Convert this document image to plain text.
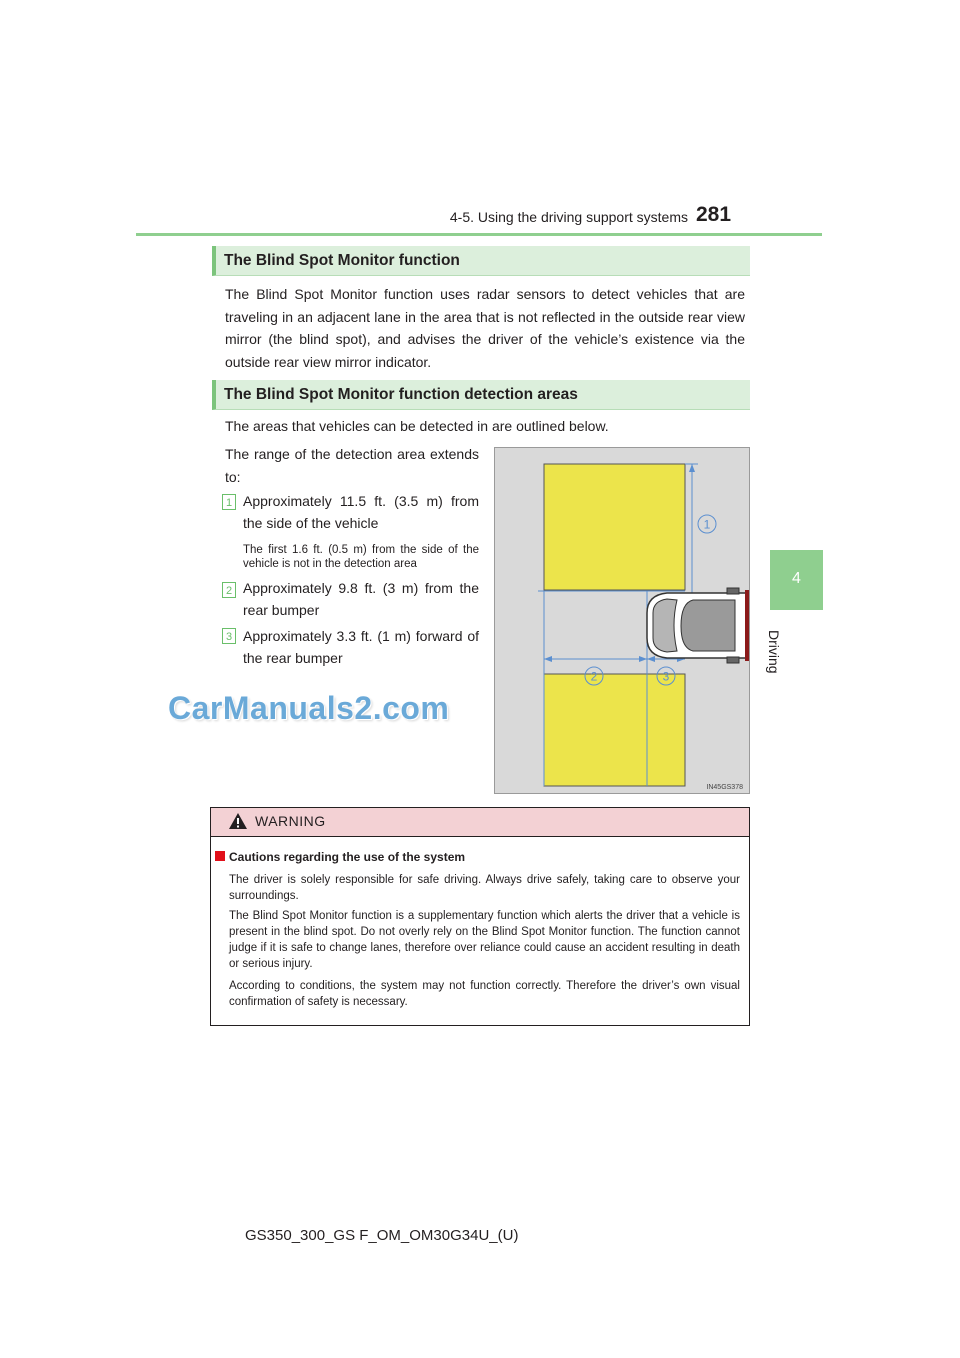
4-5. Using the driving support systems 281
4
Driving
The Blind Spot Monitor function
The Blind Spot Monitor function uses radar sensors to detect vehicles that are traveling in an adjacent lane in the area that is not reflected in the outside rear view mirror (the blind spot), and advises the driver of the vehicle’s existence via the outside rear view mirror indicator.
The Blind Spot Monitor function detection areas
The areas that vehicles can be detected in are outlined below.
The range of the detection area extends to:
1 Approximately 11.5 ft. (3.5 m) from the side of the vehicle
The first 1.6 ft. (0.5 m) from the side of the vehicle is not in the detection area
2 Approximately 9.8 ft. (3 m) from the rear bumper
3 Approximately 3.3 ft. (1 m) forward of the rear bumper
1
2	3
IN45GS378
CarManuals2.com
WARNING
Cautions regarding the use of the system
The driver is solely responsible for safe driving. Always drive safely, taking care to observe your surroundings.
The Blind Spot Monitor function is a supplementary function which alerts the driver that a vehicle is present in the blind spot. Do not overly rely on the Blind Spot Monitor function. The function cannot judge if it is safe to change lanes, therefore over reliance could cause an accident resulting in death or serious injury.
According to conditions, the system may not function correctly. Therefore the driver’s own visual confirmation of safety is necessary.
GS350_300_GS F_OM_OM30G34U_(U)
